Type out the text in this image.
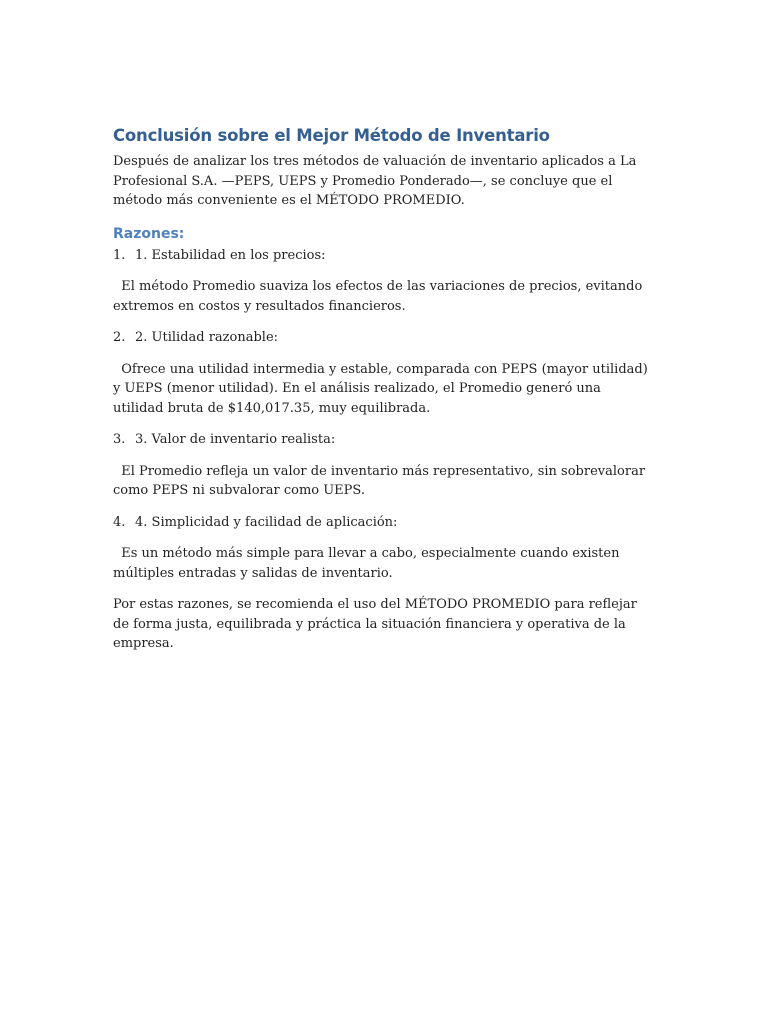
Conclusión sobre el Mejor Método de Inventario

Después de analizar los tres métodos de valuación de inventario aplicados a La Profesional S.A. —PEPS, UEPS y Promedio Ponderado—, se concluye que el método más conveniente es el MÉTODO PROMEDIO.

Razones:
1. 1. Estabilidad en los precios:

El método Promedio suaviza los efectos de las variaciones de precios, evitando extremos en costos y resultados financieros.

2. 2. Utilidad razonable:

Ofrece una utilidad intermedia y estable, comparada con PEPS (mayor utilidad) y UEPS (menor utilidad). En el análisis realizado, el Promedio generó una utilidad bruta de $140,017.35, muy equilibrada.

3. 3. Valor de inventario realista:

El Promedio refleja un valor de inventario más representativo, sin sobrevalorar como PEPS ni subvalorar como UEPS.

4. 4. Simplicidad y facilidad de aplicación:

Es un método más simple para llevar a cabo, especialmente cuando existen múltiples entradas y salidas de inventario.

Por estas razones, se recomienda el uso del MÉTODO PROMEDIO para reflejar de forma justa, equilibrada y práctica la situación financiera y operativa de la empresa.
